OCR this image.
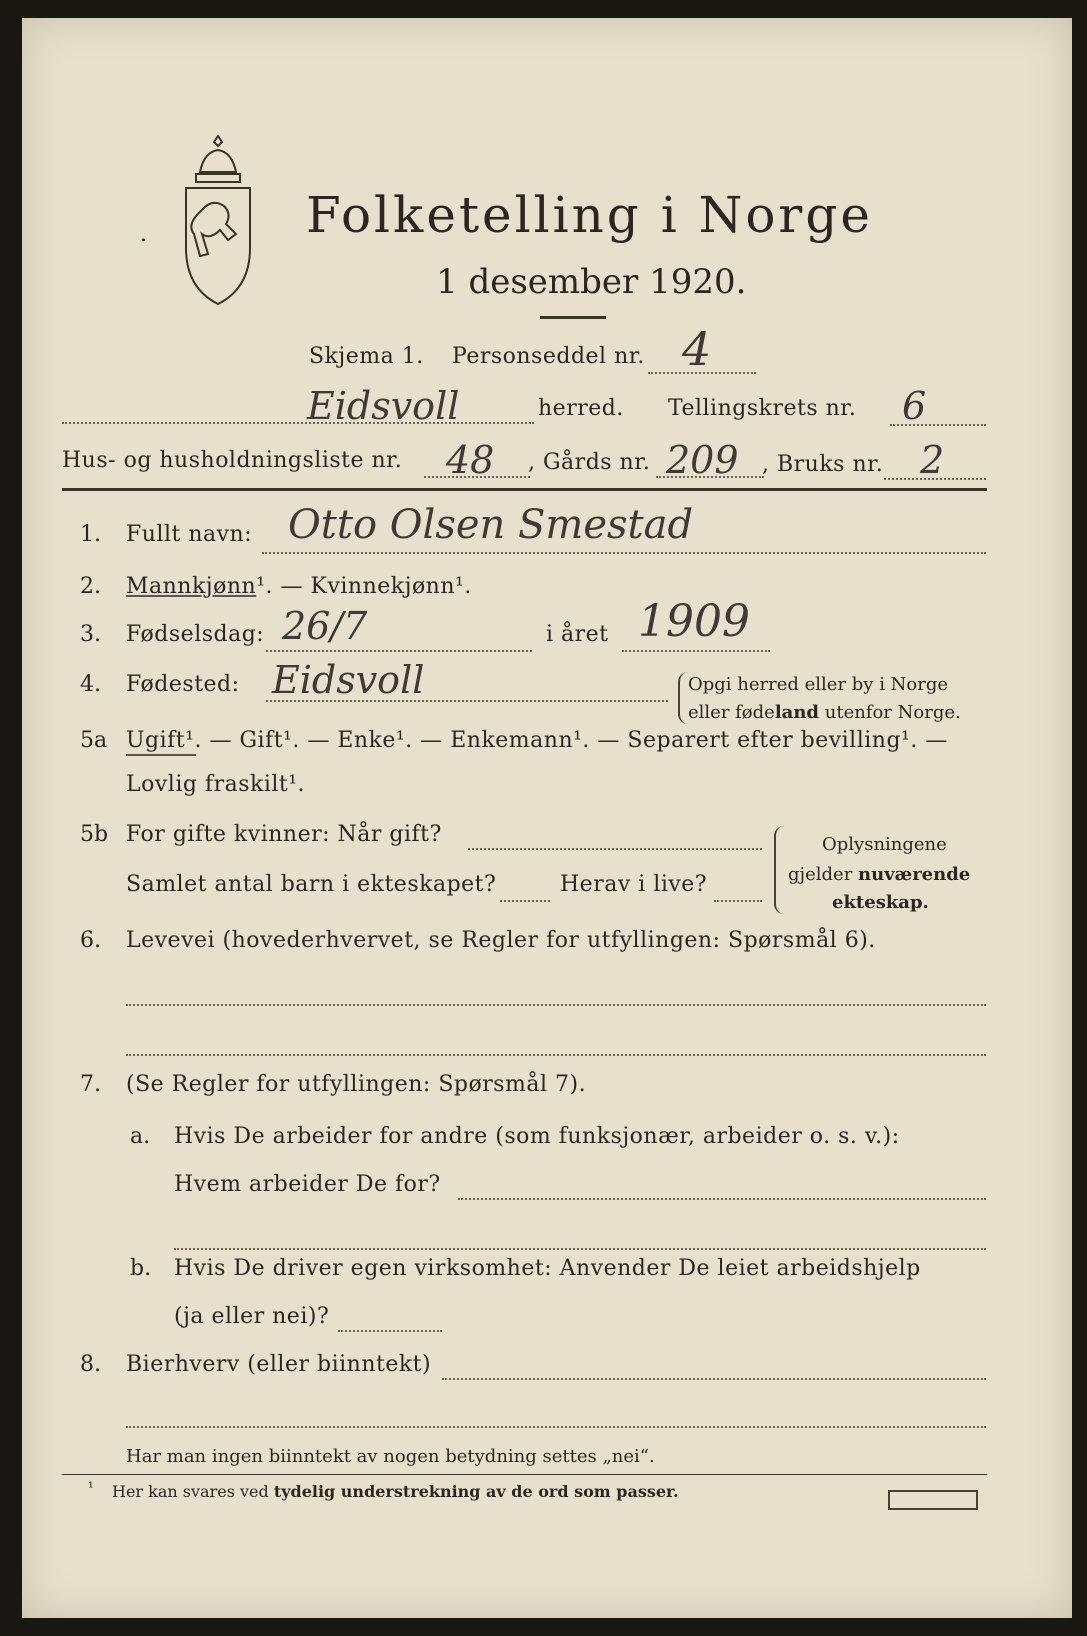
.	Folketelling i Norge
1 desember 1920.
Skjema 1. Personseddel nr. 4
Eidsvoll	herred. Tellingskrets nr. 6
Hus- og husholdningsliste nr. 48 , Gårds nr. 209 , Bruks nr. 2
1. Fullt navn: Otto Olsen Smestad
2. Mannkjønn¹. — Kvinnekjønn¹.
3. Fødselsdag: 26/7	i året 1909
4. Fødested: Eidsvoll	Opgi herred eller by i Norge
eller fødeland utenfor Norge.
5a Ugift¹. — Gift¹. — Enke¹. — Enkemann¹. — Separert efter bevilling¹. —
Lovlig fraskilt¹.
5b For gifte kvinner: Når gift?
Samlet antal barn i ekteskapet?	Herav i live?
Oplysningene
gjelder nuværende
ekteskap.
6. Levevei (hovederhvervet, se Regler for utfyllingen: Spørsmål 6).
7. (Se Regler for utfyllingen: Spørsmål 7).
a. Hvis De arbeider for andre (som funksjonær, arbeider o. s. v.):
Hvem arbeider De for?
b. Hvis De driver egen virksomhet: Anvender De leiet arbeidshjelp
(ja eller nei)?
8. Bierhverv (eller biinntekt)
Har man ingen biinntekt av nogen betydning settes „nei“.
¹ Her kan svares ved tydelig understrekning av de ord som passer.
